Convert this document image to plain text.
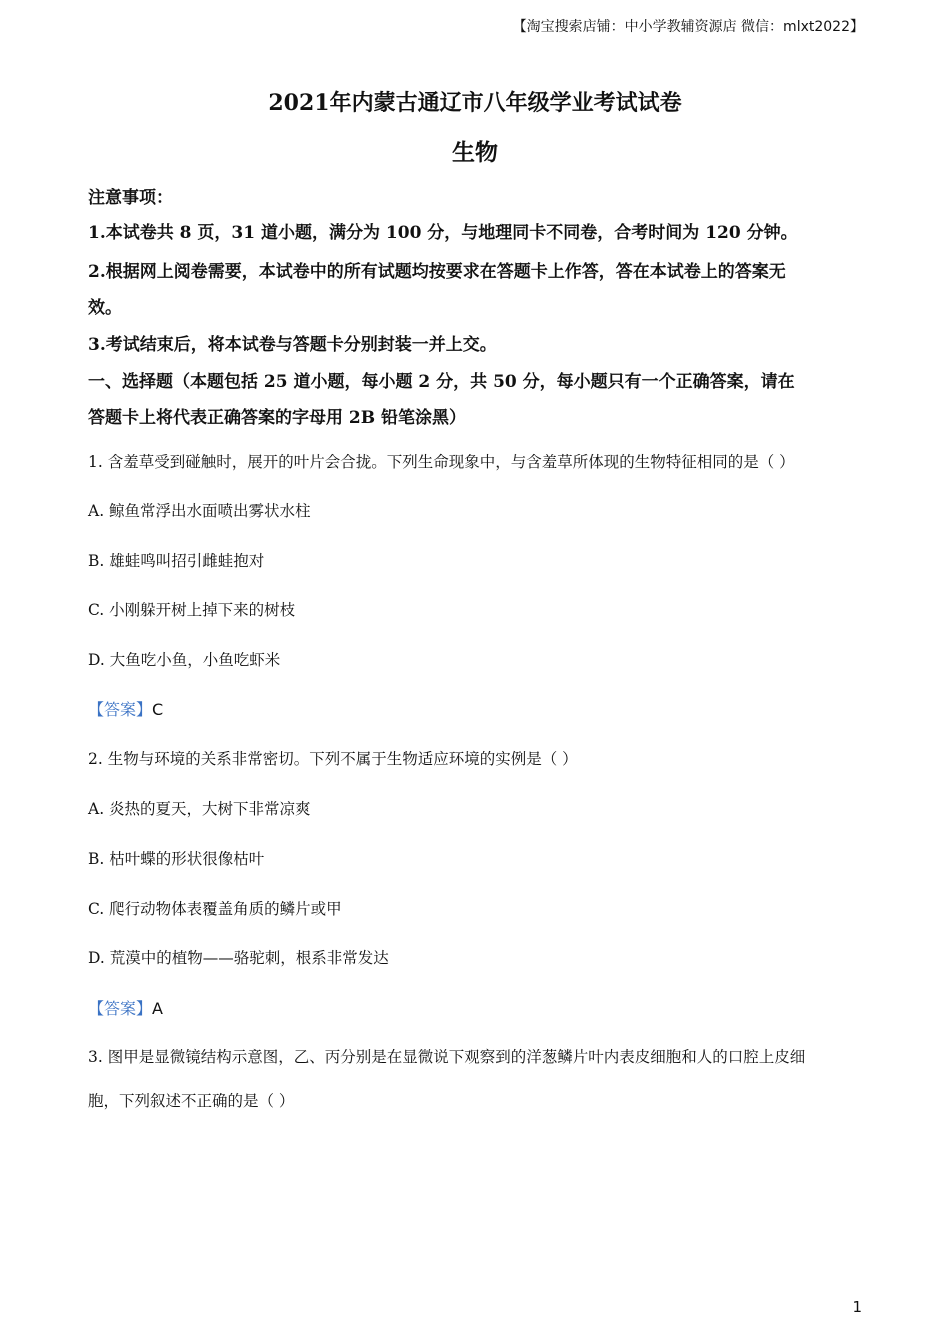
【淘宝搜索店铺：中小学教辅资源店 微信：mlxt2022】
2021年内蒙古通辽市八年级学业考试试卷
生物
注意事项：
1.本试卷共 8 页，31 道小题，满分为 100 分，与地理同卡不同卷，合考时间为 120 分钟。
2.根据网上阅卷需要，本试卷中的所有试题均按要求在答题卡上作答，答在本试卷上的答案无
效。
3.考试结束后，将本试卷与答题卡分别封装一并上交。
一、选择题（本题包括 25 道小题，每小题 2 分，共 50 分，每小题只有一个正确答案，请在
答题卡上将代表正确答案的字母用 2B 铅笔涂黑）
1. 含羞草受到碰触时，展开的叶片会合拢。下列生命现象中，与含羞草所体现的生物特征相同的是（ ）
A. 鲸鱼常浮出水面喷出雾状水柱
B. 雄蛙鸣叫招引雌蛙抱对
C. 小刚躲开树上掉下来的树枝
D. 大鱼吃小鱼，小鱼吃虾米
【答案】C
2. 生物与环境的关系非常密切。下列不属于生物适应环境的实例是（ ）
A. 炎热的夏天，大树下非常凉爽
B. 枯叶蝶的形状很像枯叶
C. 爬行动物体表覆盖角质的鳞片或甲
D. 荒漠中的植物——骆驼刺，根系非常发达
【答案】A
3. 图甲是显微镜结构示意图，乙、丙分别是在显微说下观察到的洋葱鳞片叶内表皮细胞和人的口腔上皮细
胞，下列叙述不正确的是（ ）
1
